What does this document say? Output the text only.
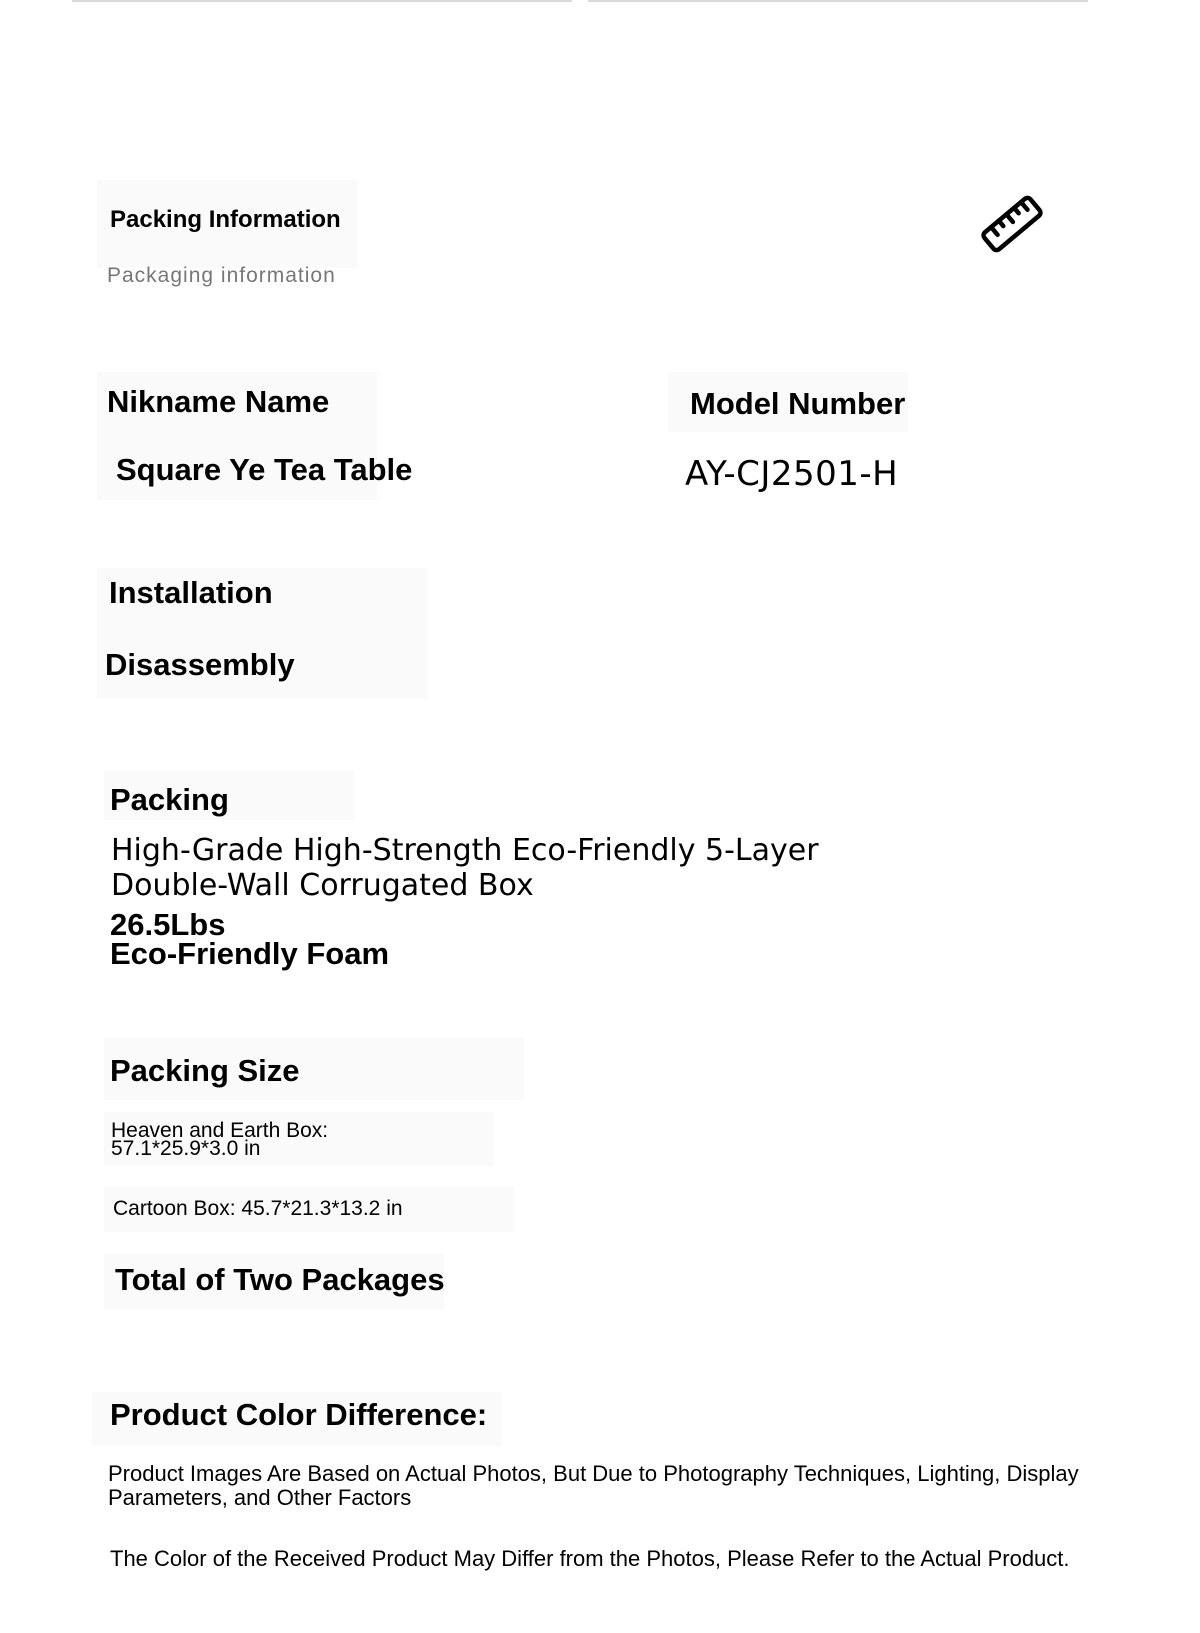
Packing Information
Packaging information
Nikname Name
Square Ye Tea Table
Model Number
AY-CJ2501-H
Installation
Disassembly
Packing
High-Grade High-Strength Eco-Friendly 5-Layer
Double-Wall Corrugated Box
26.5Lbs
Eco-Friendly Foam
Packing Size
Heaven and Earth Box:
57.1*25.9*3.0 in
Cartoon Box: 45.7*21.3*13.2 in
Total of Two Packages
Product Color Difference:
Product Images Are Based on Actual Photos, But Due to Photography Techniques, Lighting, Display
Parameters, and Other Factors
The Color of the Received Product May Differ from the Photos, Please Refer to the Actual Product.
